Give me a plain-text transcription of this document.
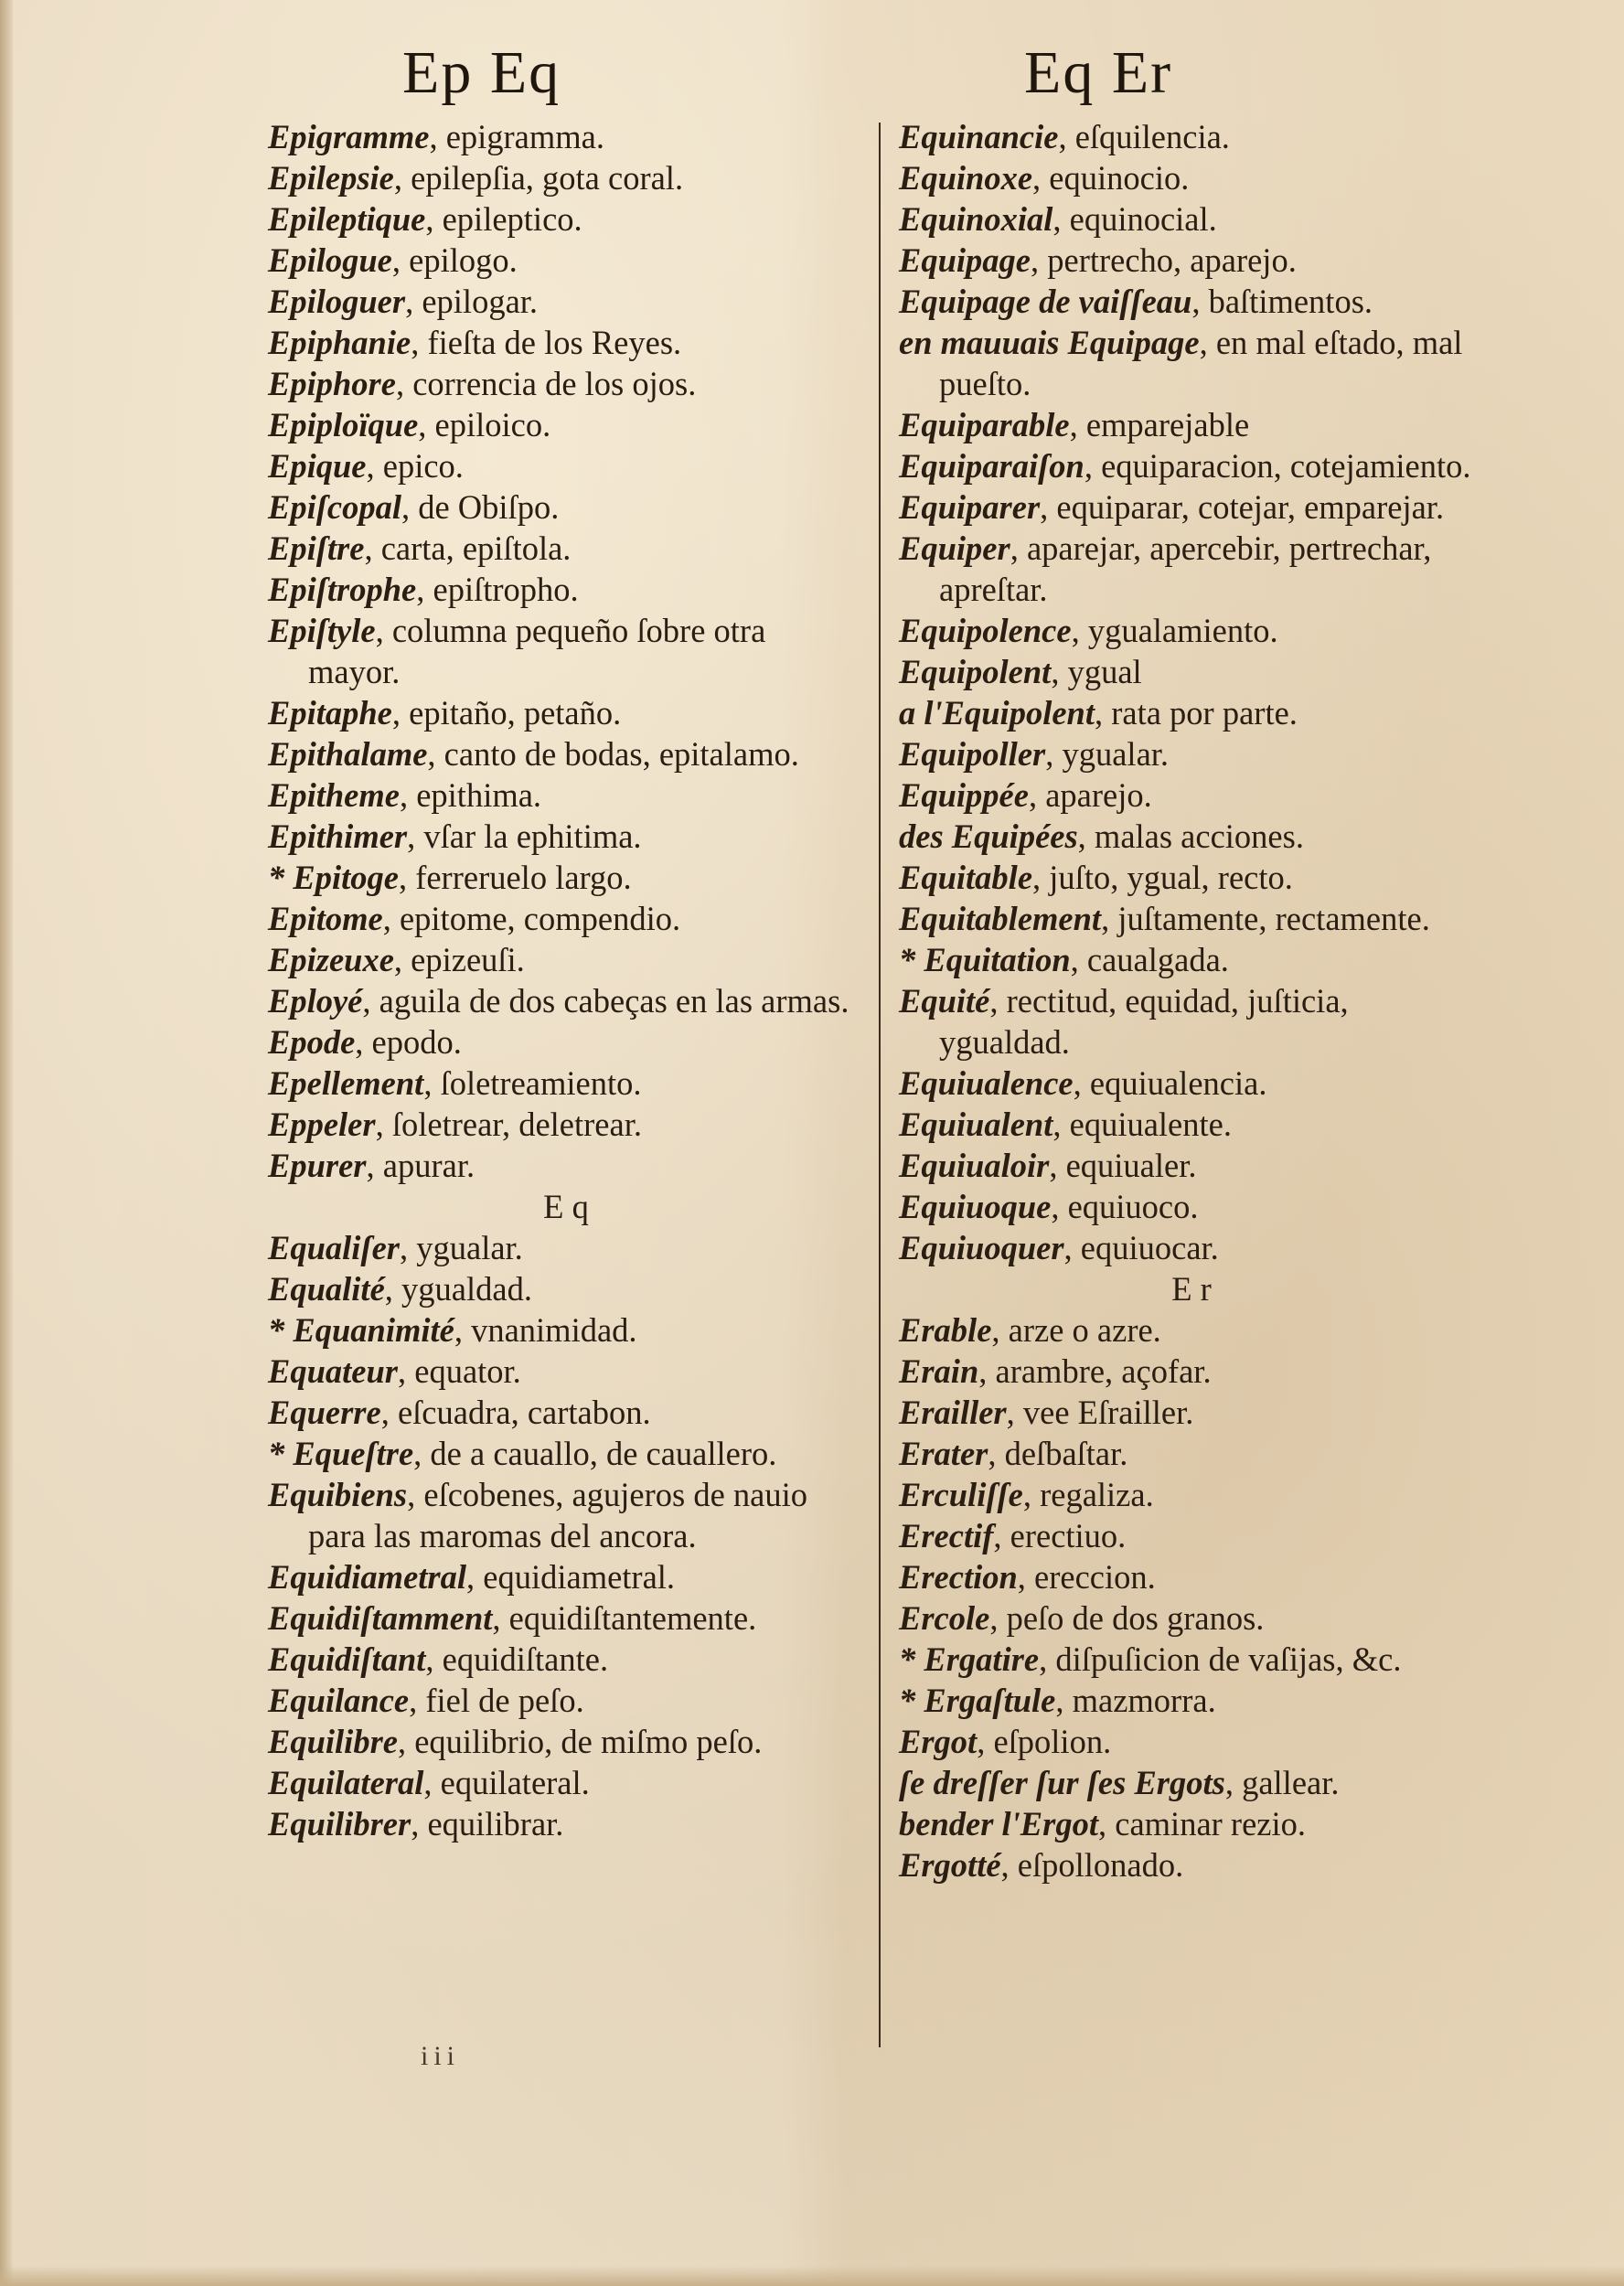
Ep Eq	Eq Er
Epigramme, epigramma.
Epilepsie, epilepſia, gota coral.
Epileptique, epileptico.
Epilogue, epilogo.
Epiloguer, epilogar.
Epiphanie, fieſta de los Reyes.
Epiphore, correncia de los ojos.
Epiploïque, epiloico.
Epique, epico.
Epiſcopal, de Obiſpo.
Epiſtre, carta, epiſtola.
Epiſtrophe, epiſtropho.
Epiſtyle, columna pequeño ſobre otra mayor.
Epitaphe, epitaño, petaño.
Epithalame, canto de bodas, epitalamo.
Epitheme, epithima.
Epithimer, vſar la ephitima.
* Epitoge, ferreruelo largo.
Epitome, epitome, compendio.
Epizeuxe, epizeuſi.
Eployé, aguila de dos cabeças en las armas.
Epode, epodo.
Epellement, ſoletreamiento.
Eppeler, ſoletrear, deletrear.
Epurer, apurar.
E q
Equaliſer, ygualar.
Equalité, ygualdad.
* Equanimité, vnanimidad.
Equateur, equator.
Equerre, eſcuadra, cartabon.
* Equeſtre, de a cauallo, de cauallero.
Equibiens, eſcobenes, agujeros de nauio para las maromas del ancora.
Equidiametral, equidiametral.
Equidiſtamment, equidiſtantemente.
Equidiſtant, equidiſtante.
Equilance, fiel de peſo.
Equilibre, equilibrio, de miſmo peſo.
Equilateral, equilateral.
Equilibrer, equilibrar.
Equinancie, eſquilencia.
Equinoxe, equinocio.
Equinoxial, equinocial.
Equipage, pertrecho, aparejo.
Equipage de vaiſſeau, baſtimentos.
en mauuais Equipage, en mal eſtado, mal pueſto.
Equiparable, emparejable
Equiparaiſon, equiparacion, cotejamiento.
Equiparer, equiparar, cotejar, emparejar.
Equiper, aparejar, apercebir, pertrechar, apreſtar.
Equipolence, ygualamiento.
Equipolent, ygual
a l'Equipolent, rata por parte.
Equipoller, ygualar.
Equippée, aparejo.
des Equipées, malas acciones.
Equitable, juſto, ygual, recto.
Equitablement, juſtamente, rectamente.
* Equitation, caualgada.
Equité, rectitud, equidad, juſticia, ygualdad.
Equiualence, equiualencia.
Equiualent, equiualente.
Equiualoir, equiualer.
Equiuoque, equiuoco.
Equiuoquer, equiuocar.
E r
Erable, arze o azre.
Erain, arambre, açofar.
Erailler, vee Eſrailler.
Erater, deſbaſtar.
Erculiſſe, regaliza.
Erectif, erectiuo.
Erection, ereccion.
Ercole, peſo de dos granos.
* Ergatire, diſpuſicion de vaſijas, &c.
* Ergaſtule, mazmorra.
Ergot, eſpolion.
ſe dreſſer ſur ſes Ergots, gallear.
bender l'Ergot, caminar rezio.
Ergotté, eſpollonado.
iii
